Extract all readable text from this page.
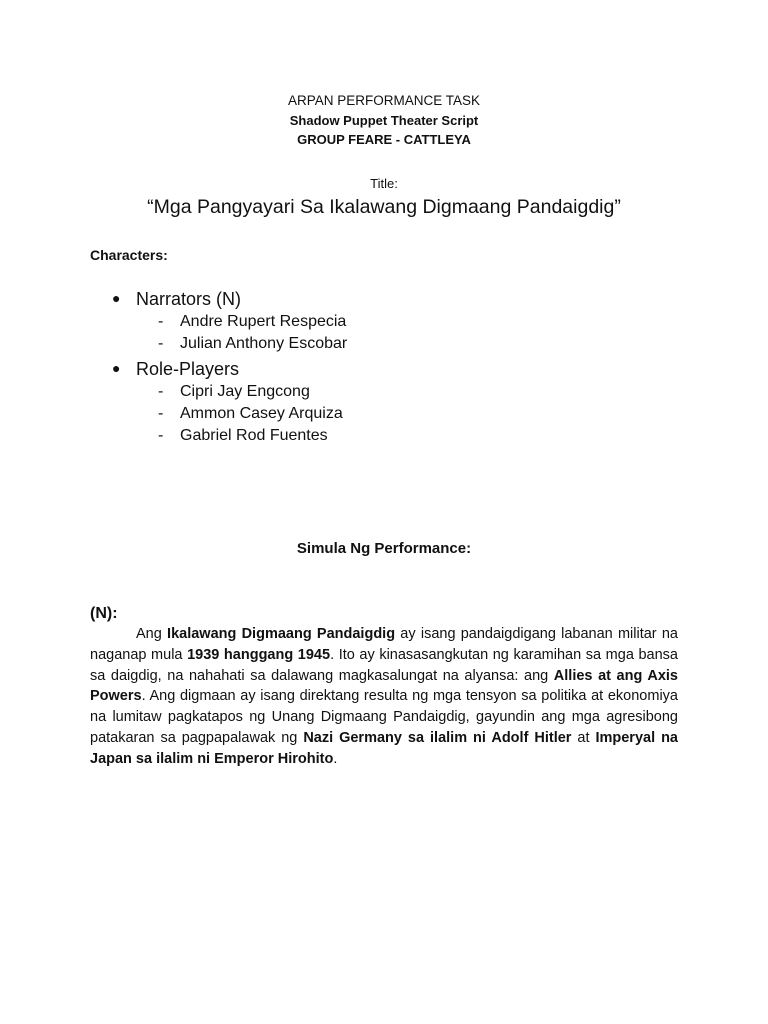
ARPAN PERFORMANCE TASK
Shadow Puppet Theater Script
GROUP FEARE - CATTLEYA
Title:
“Mga Pangyayari Sa Ikalawang Digmaang Pandaigdig”
Characters:
● Narrators (N)
- Andre Rupert Respecia
- Julian Anthony Escobar
● Role-Players
- Cipri Jay Engcong
- Ammon Casey Arquiza
- Gabriel Rod Fuentes
Simula Ng Performance:
(N):
Ang Ikalawang Digmaang Pandaigdig ay isang pandaigdigang labanan militar na naganap mula 1939 hanggang 1945. Ito ay kinasasangkutan ng karamihan sa mga bansa sa daigdig, na nahahati sa dalawang magkasalungat na alyansa: ang Allies at ang Axis Powers. Ang digmaan ay isang direktang resulta ng mga tensyon sa politika at ekonomiya na lumitaw pagkatapos ng Unang Digmaang Pandaigdig, gayundin ang mga agresibong patakaran sa pagpapalawak ng Nazi Germany sa ilalim ni Adolf Hitler at Imperyal na Japan sa ilalim ni Emperor Hirohito.
